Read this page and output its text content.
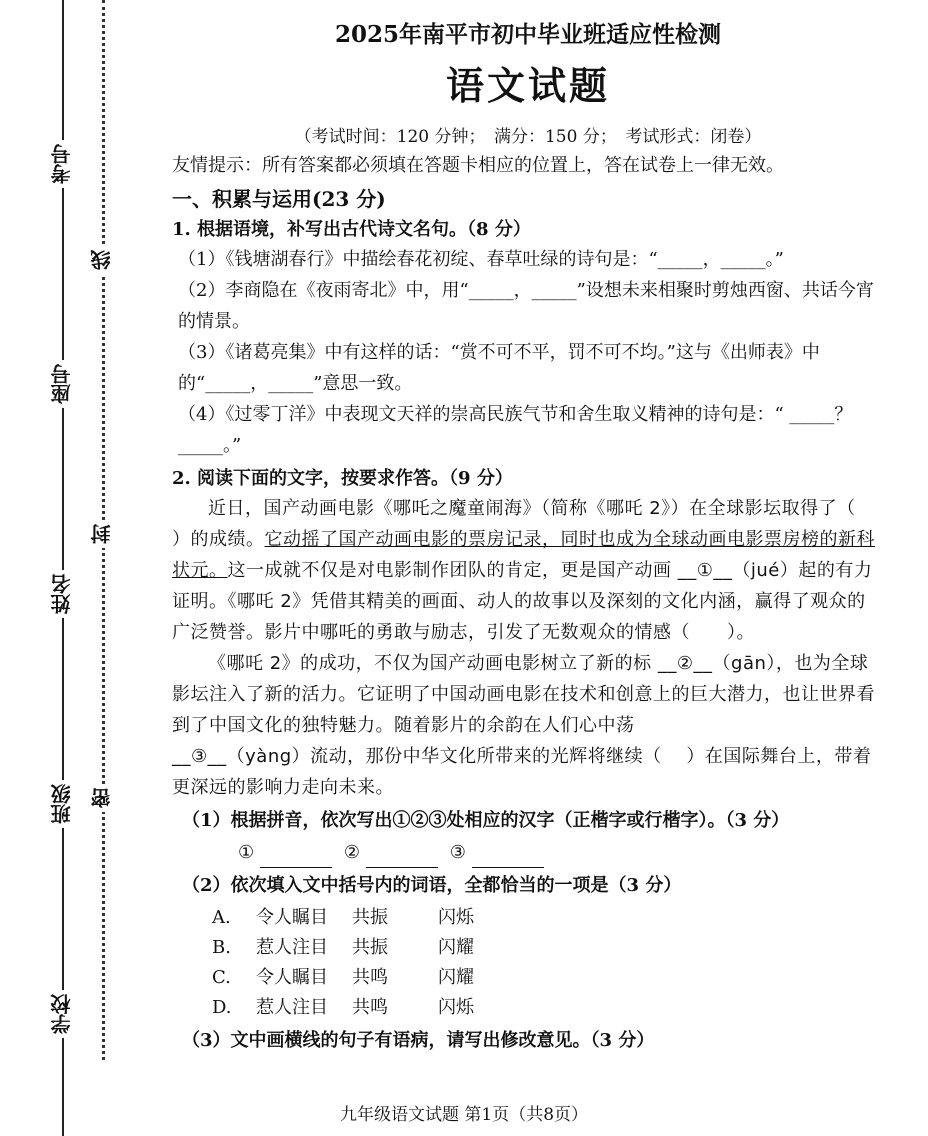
考号
座号
姓名
班级
学校
线
封
密
2025年南平市初中毕业班适应性检测
语文试题
（考试时间：120 分钟；　满分：150 分；　考试形式：闭卷）
友情提示：所有答案都必须填在答题卡相应的位置上，答在试卷上一律无效。
一、积累与运用(23 分)
1. 根据语境，补写出古代诗文名句。（8 分）
（1）《钱塘湖春行》中描绘春花初绽、春草吐绿的诗句是：“_____，_____。”
（2）李商隐在《夜雨寄北》中，用“_____，_____”设想未来相聚时剪烛西窗、共话今宵的情景。
（3）《诸葛亮集》中有这样的话：“赏不可不平，罚不可不均。”这与《出师表》中的“_____，_____”意思一致。
（4）《过零丁洋》中表现文天祥的崇高民族气节和舍生取义精神的诗句是：“ _____？_____。”
2. 阅读下面的文字，按要求作答。（9 分）

近日，国产动画电影《哪吒之魔童闹海》（简称《哪吒 2》）在全球影坛取得了（　 ）的成绩。它动摇了国产动画电影的票房记录，同时也成为全球动画电影票房榜的新科状元。这一成就不仅是对电影制作团队的肯定，更是国产动画 __①__（jué）起的有力证明。《哪吒 2》凭借其精美的画面、动人的故事以及深刻的文化内涵，赢得了观众的广泛赞誉。影片中哪吒的勇敢与励志，引发了无数观众的情感（　　）。

《哪吒 2》的成功，不仅为国产动画电影树立了新的标 __②__（gān），也为全球影坛注入了新的活力。它证明了中国动画电影在技术和创意上的巨大潜力，也让世界看到了中国文化的独特魅力。随着影片的余韵在人们心中荡

__③__（yàng）流动，那份中华文化所带来的光辉将继续（　 ）在国际舞台上，带着更深远的影响力走向未来。

（1）根据拼音，依次写出①②③处相应的汉字（正楷字或行楷字）。（3 分）
①	②	③
（2）依次填入文中括号内的词语，全都恰当的一项是（3 分）
A. 令人瞩目 共振	闪烁
B. 惹人注目 共振	闪耀
C. 令人瞩目 共鸣	闪耀
D. 惹人注目 共鸣	闪烁
（3）文中画横线的句子有语病，请写出修改意见。（3 分）
九年级语文试题 第1页（共8页）
